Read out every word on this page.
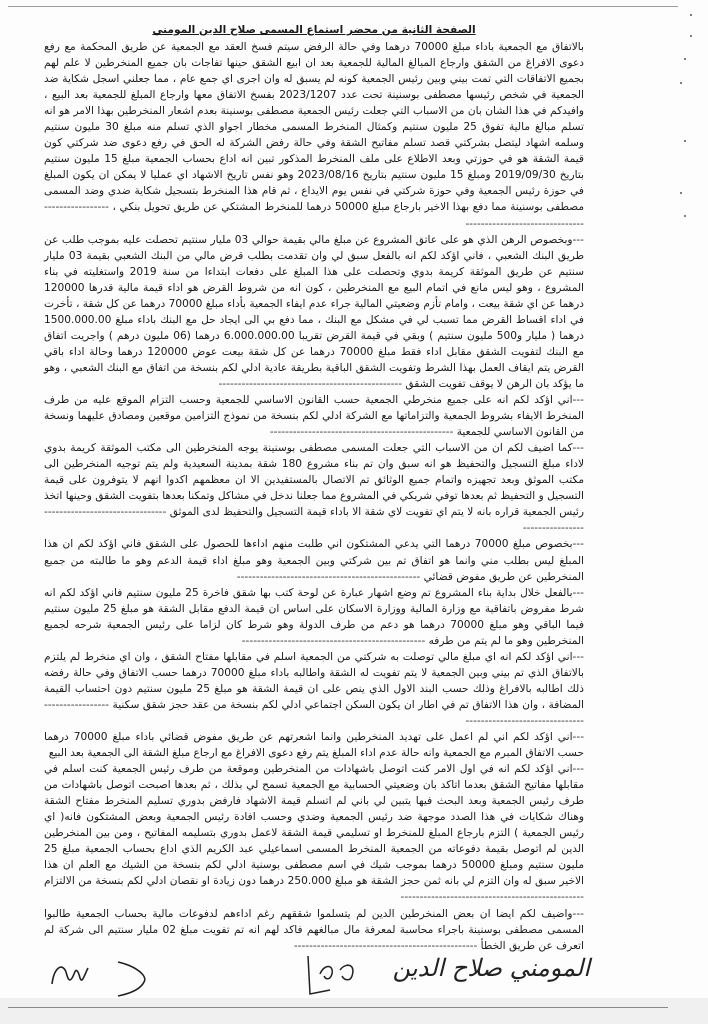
الصفحة الثانية من محضر استماع المسمى صلاح الدين المومني

بالاتفاق مع الجمعية باداء مبلغ 70000 درهما وفي حالة الرفض سيتم فسخ العقد مع الجمعية عن طريق المحكمة مع رفع دعوى الافراغ من الشقق وارجاع المبالغ المالية للجمعية بعد ان ابيع الشقق حينها تفاجات بان جميع المنخرطين لا علم لهم بجميع الاتفاقات التي تمت بيني وبين رئيس الجمعية كونه لم يسبق له وان اجرى اي جمع عام ، مما جعلني اسجل شكاية ضد الجمعية في شخص رئيسها مصطفى بوسنينة تحت عدد 2023/1207 بفسخ الاتفاق معها وارجاع المبلغ للجمعية بعد البيع ، وافيدكم في هذا الشان بان من الاسباب التي جعلت رئيس الجمعية مصطفى بوسنينة بعدم اشعار المنخرطين بهذا الامر هو انه تسلم مبالغ مالية تفوق 25 مليون سنتيم وكمثال المنخرط المسمى مخطار اجواو الذي تسلم منه مبلغ 30 مليون سنتيم وسلمه اشهاد ليتصل بشركتي قصد تسلم مفاتيح الشقة وفي حالة رفض الشركة له الحق في رفع دعوى ضد شركتي كون قيمة الشقة هو في حوزتي وبعد الاطلاع على ملف المنخرط المذكور تبين انه اداع بحساب الجمعية مبلغ 15 مليون سنتيم بتاريخ 2019/09/30 ومبلغ 15 مليون سنتيم بتاريخ 2023/08/16 وهو نفس تاريخ الاشهاد اي عمليا لا يمكن ان يكون المبلغ في حوزة رئيس الجمعية وفي حوزة شركتي في نفس يوم الايداع ، ثم قام هذا المنخرط بتسجيل شكاية ضدي وضد المسمى مصطفى بوسنينة مما دفع بهذا الاخير بارجاع مبلغ 50000 درهما للمنخرط المشتكي عن طريق تحويل بنكي ، ------------------------------------------------

---وبخصوص الرهن الذي هو على عاتق المشروع عن مبلغ مالي بقيمة حوالي 03 مليار سنتيم تحصلت عليه بموجب طلب عن طريق البنك الشعبي ، فاني اؤكد لكم انه بالفعل سبق لي وان تقدمت بطلب قرض مالي من البنك الشعبي بقيمة 03 مليار سنتيم عن طريق الموثقة كريمة بدوي وتحصلت على هذا المبلغ على دفعات ابتداءا من سنة 2019 واستغليته في بناء المشروع ، وهو ليس مانع في اتمام البيع مع المنخرطين ، كون انه من شروط القرض هو اداء قيمة مالية قدرها 120000 درهما عن اي شقة بيعت ، وامام تأزم وضعيتي المالية جراء عدم ايفاء الجمعية بأداء مبلغ 70000 درهما عن كل شقة ، تأخرت في اداء اقساط القرض مما تسبب لي في مشكل مع البنك ، مما دفع بي الى ايجاد حل مع البنك باداء مبلغ 1500.000.00 درهما ( مليار و500 مليون سنتيم ) وبقي في قيمة القرض تقريبا 6.000.000.00 درهما (06 مليون درهم ) واجريت اتفاق مع البنك لتفويت الشقق مقابل اداء فقط مبلغ 70000 درهما عن كل شقة بيعت عوض 120000 درهما وحالة اداء باقي القرض يتم ايقاف العمل بهذا الشرط وتفويت الشقق الباقية بطريقة عادية ادلي لكم بنسخة من اتفاق مع البنك الشعبي ، وهو ما يؤكد بان الرهن لا يوقف تفويت الشقق ------------------------------------------------

---اني اؤكد لكم انه على جميع منخرطي الجمعية حسب القانون الاساسي للجمعية وحسب التزام الموقع عليه من طرف المنخرط الايفاء بشروط الجمعية والتزاماتها مع الشركة ادلي لكم بنسخة من نموذج التزامين موقعين ومصادق عليهما ونسخة من القانون الاساسي للجمعية ------------------------------------------------

---كما اضيف لكم ان من الاسباب التي جعلت المسمى مصطفى بوسنينة يوجه المنخرطين الى مكتب الموثقة كريمة بدوي لاداء مبلغ التسجيل والتحفيظ هو انه سبق وان تم بناء مشروع 180 شقة بمدينة السعيدية ولم يتم توجيه المنخرطين الى مكتب الموثق وبعد تجهيزه واتمام جميع الوثائق تم الاتصال بالمستفيدين الا ان معظمهم اكدوا انهم لا يتوفرون على قيمة التسجيل و التحفيظ ثم بعدها توفي شريكي في المشروع مما جعلنا ندخل في مشاكل وتمكنا بعدها بتفويت الشقق وحينها اتخذ رئيس الجمعية قراره بانه لا يتم اي تفويت لاي شقة الا باداء قيمة التسجيل والتحفيظ لدى الموثق ------------------------------------------------

---بخصوص مبلغ 70000 درهما التي يدعي المشتكون اني طلبت منهم اداءها للحصول على الشقق فاني اؤكد لكم ان هذا المبلغ ليس بطلب مني وانما هو اتفاق تم بين شركتي وبين الجمعية وهو مبلغ اداء قيمة الدعم وهو ما طالبته من جميع المنخرطين عن طريق مفوض قضائي ------------------------------------------------

---بالفعل خلال بداية بناء المشروع تم وضع اشهار عبارة عن لوحة كتب بها شقق فاخرة 25 مليون سنتيم فاني اؤكد لكم انه شرط مفروض باتفاقية مع وزارة المالية ووزارة الاسكان على اساس ان قيمة الدفع مقابل الشقة هو مبلغ 25 مليون سنتيم فيما الباقي وهو مبلغ 70000 درهما هو دعم من طرف الدولة وهو شرط كان لزاما على رئيس الجمعية شرحه لجميع المنخرطين وهو ما لم يتم من طرفه ------------------------------------------------

---اني اؤكد لكم انه اي مبلغ مالي توصلت به شركتي من الجمعية اسلم في مقابلها مفتاح الشقق ، وان اي منخرط لم يلتزم بالاتفاق الذي تم بيني وبين الجمعية لا يتم تفويت له الشقة واطالبه باداء مبلغ 70000 درهما حسب الاتفاق وفي حالة رفضه ذلك اطالبه بالافراغ وذلك حسب البند الاول الذي ينص على ان قيمة الشقة هو مبلغ 25 مليون سنتيم دون احتساب القيمة المضافة ، وان هذا الاتفاق تم في اطار ان يكون السكن اجتماعي ادلي لكم بنسخة من عقد حجز شقق سكنية ------------------------------------------------

---اني اؤكد لكم اني لم اعمل على تهديد المنخرطين وانما اشعرتهم عن طريق مفوض قضائي باداء مبلغ 70000 درهما حسب الاتفاق المبرم مع الجمعية وانه حالة عدم اداء المبلغ يتم رفع دعوى الافراغ مع ارجاع مبلغ الشقة الى الجمعية بعد البيع

---اني اؤكد لكم انه في اول الامر كنت اتوصل باشهادات من المنخرطين وموقعة من طرف رئيس الجمعية كنت اسلم في مقابلها مفاتيح الشقق بعدما اتاكد بان وضعيتي الحسابية مع الجمعية تسمح لي بذلك ، ثم بعدها اصبحت اتوصل باشهادات من طرف رئيس الجمعية وبعد البحث فيها يتبين لي باني لم اتسلم قيمة الاشهاد فارفض بدوري تسليم المنخرط مفتاح الشقة وهناك شكايات في هذا الصدد موجهة ضد رئيس الجمعية وضدي وحسب افادة رئيس الجمعية وبعض المشتكون فانه( اي رئيس الجمعية ) التزم بارجاع المبلغ للمنخرط او تسليمي قيمة الشقة لاعمل بدوري بتسليمه المفاتيح ، ومن بين المنخرطين الدين لم اتوصل بقيمة دفوعاته من الجمعية المنخرط المسمى اسماعيلي عبد الكريم الذي اداع بحساب الجمعية مبلغ 25 مليون سنتيم ومبلغ 50000 درهما بموجب شيك في اسم مصطفى بوسنية ادلي لكم بنسخة من الشيك مع العلم ان هذا الاخير سبق له وان التزم لي بانه ثمن حجز الشقة هو مبلغ 250.000 درهما دون زيادة او نقصان ادلي لكم بنسخة من الالتزام ------------------------------------------------

---واضيف لكم ايضا ان بعض المنخرطين الدين لم يتسلموا شققهم رغم اداءهم لدفوعات مالية بحساب الجمعية طالبوا المسمى مصطفى بوسنينة باجراء محاسبة لمعرفة مال مبالغهم فاكد لهم انه تم تفويت مبلغ 02 مليار سنتيم الى شركة لم اتعرف عن طريق الخطأ ------------------------------------------------

المومني صلاح الدين
